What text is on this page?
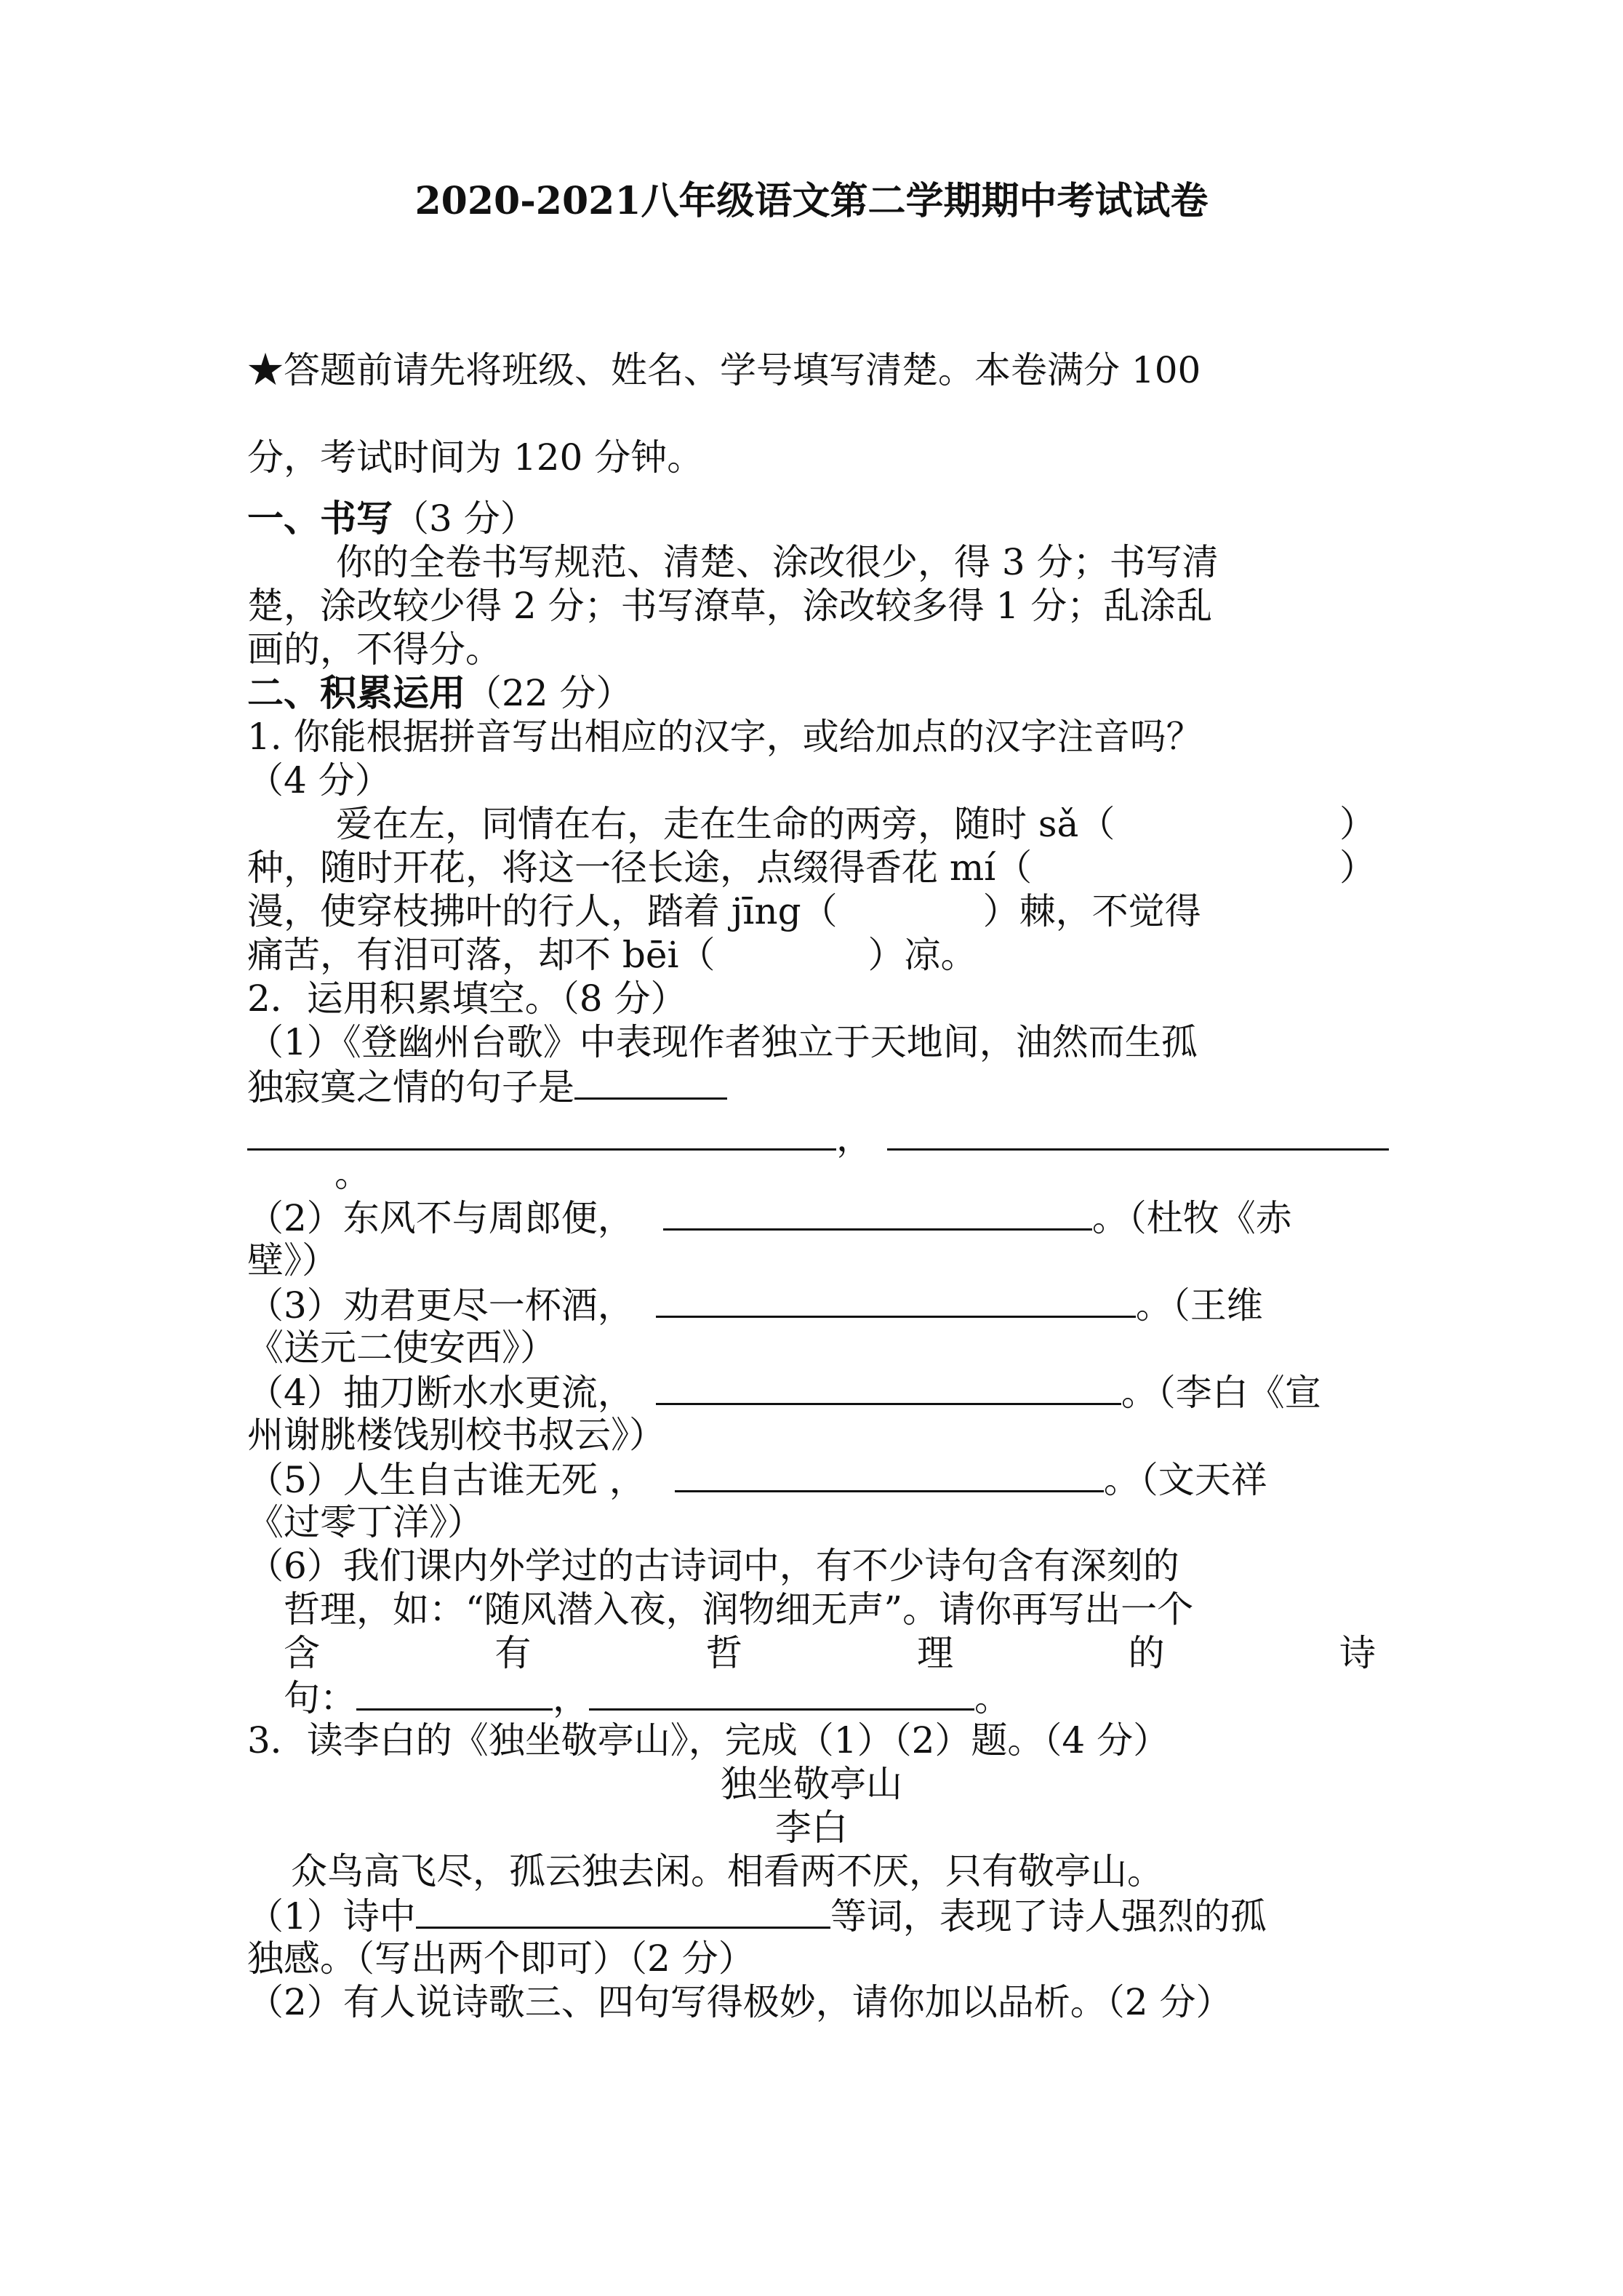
2020-2021八年级语文第二学期期中考试试卷
★答题前请先将班级、姓名、学号填写清楚。本卷满分 100
分，考试时间为 120 分钟。
一、书写（3 分）
你的全卷书写规范、清楚、涂改很少，得 3 分；书写清
楚，涂改较少得 2 分；书写潦草，涂改较多得 1 分；乱涂乱
画的，不得分。
二、积累运用（22 分）
1. 你能根据拼音写出相应的汉字，或给加点的汉字注音吗？
（4 分）
爱在左，同情在右，走在生命的两旁，随时 sǎ（	）
种，随时开花，将这一径长途，点缀得香花 mí（	）
漫，使穿枝拂叶的行人，踏着 jīng（	）棘，不觉得
痛苦，有泪可落，却不 bēi（	）凉。
2．运用积累填空。（8 分）
（1）《登幽州台歌》中表现作者独立于天地间，油然而生孤
独寂寞之情的句子是
，
。
（2）东风不与周郎便，	。（杜牧《赤
壁》）
（3）劝君更尽一杯酒，	。（王维
《送元二使安西》）
（4）抽刀断水水更流，	。（李白《宣
州谢朓楼饯别校书叔云》）
（5）人生自古谁无死 ，	。（文天祥
《过零丁洋》）
（6）我们课内外学过的古诗词中，有不少诗句含有深刻的
哲理，如：“随风潜入夜，润物细无声”。请你再写出一个
含	有	哲	理	的	诗
句：	，	。
3．读李白的《独坐敬亭山》，完成（1）（2）题。（4 分）
独坐敬亭山
李白
众鸟高飞尽，孤云独去闲。相看两不厌，只有敬亭山。
（1）诗中	等词，表现了诗人强烈的孤
独感。（写出两个即可）（2 分）
（2）有人说诗歌三、四句写得极妙，请你加以品析。（2 分）
